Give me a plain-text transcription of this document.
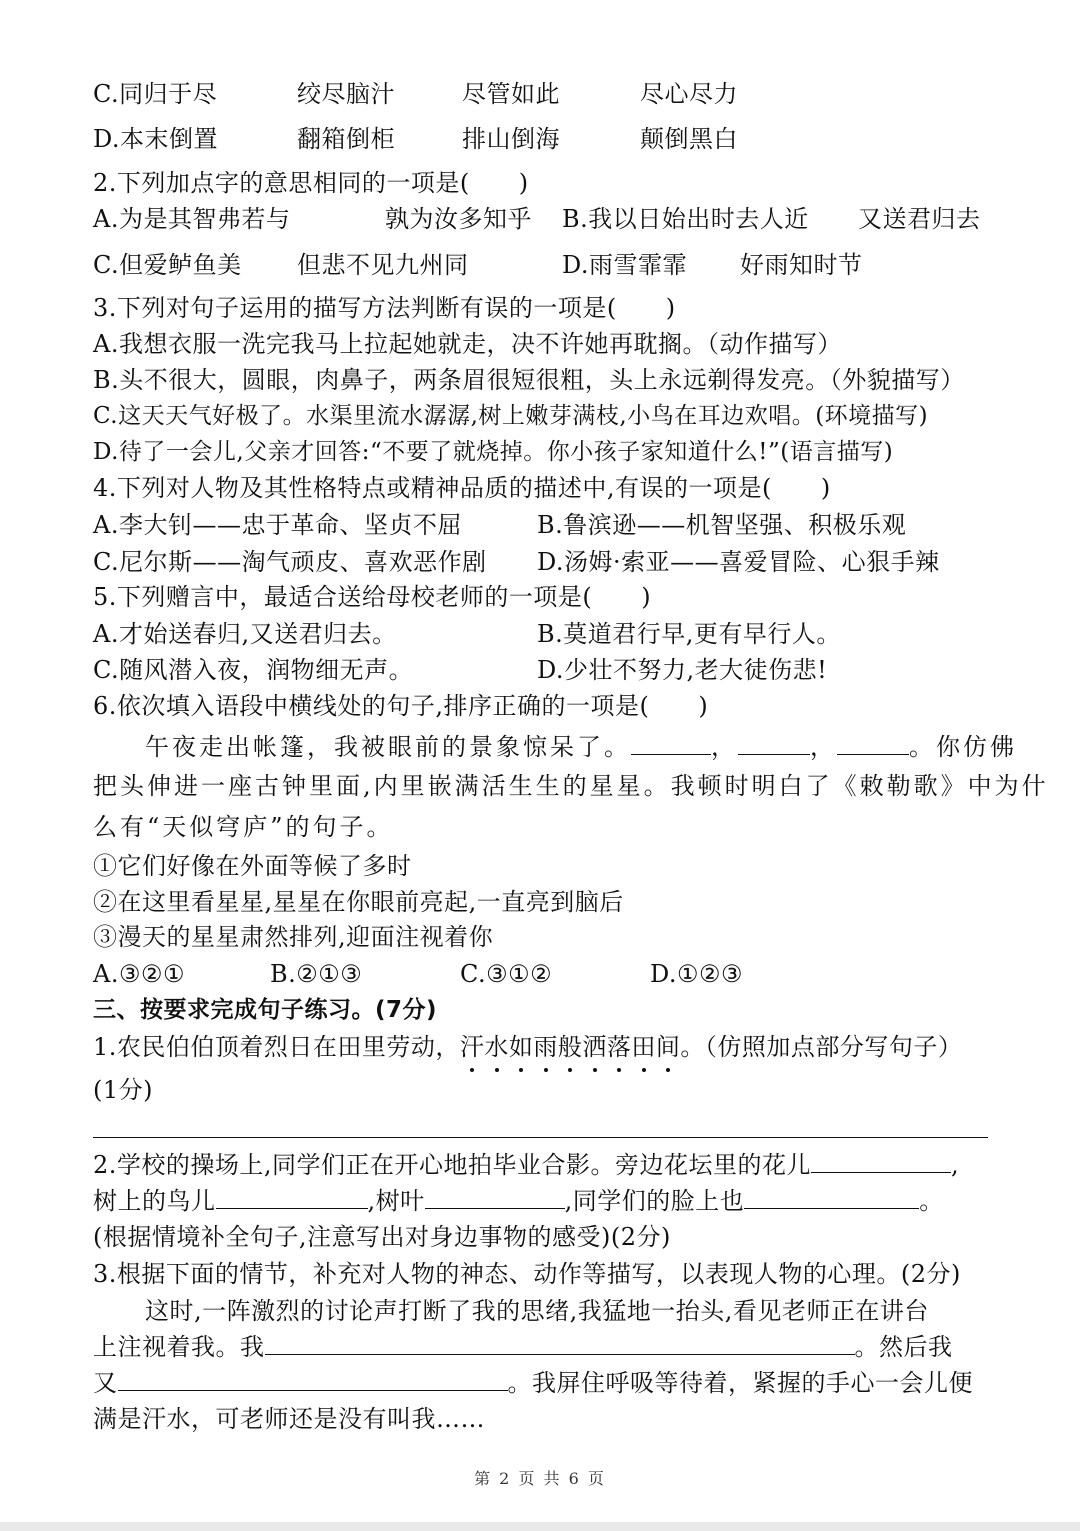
C.同归于尽	绞尽脑汁	尽管如此	尽心尽力
D.本末倒置	翻箱倒柜	排山倒海	颠倒黑白
2.下列加点字的意思相同的一项是(　　)
A.为是其智弗若与	孰为汝多知乎 B.我以日始出时去人近 又送君归去
C.但爱鲈鱼美 但悲不见九州同	D.雨雪霏霏 好雨知时节
3.下列对句子运用的描写方法判断有误的一项是(　　)
A.我想衣服一洗完我马上拉起她就走，决不许她再耽搁。（动作描写）
B.头不很大，圆眼，肉鼻子，两条眉很短很粗，头上永远剃得发亮。（外貌描写）
C.这天天气好极了。水渠里流水潺潺,树上嫩芽满枝,小鸟在耳边欢唱。(环境描写)
D.待了一会儿,父亲才回答:“不要了就烧掉。你小孩子家知道什么!”(语言描写)
4.下列对人物及其性格特点或精神品质的描述中,有误的一项是(　　)
A.李大钊——忠于革命、坚贞不屈	B.鲁滨逊——机智坚强、积极乐观
C.尼尔斯——淘气顽皮、喜欢恶作剧 D.汤姆·索亚——喜爱冒险、心狠手辣
5.下列赠言中，最适合送给母校老师的一项是(　　)
A.才始送春归,又送君归去。	B.莫道君行早,更有早行人。
C.随风潜入夜，润物细无声。	D.少壮不努力,老大徒伤悲!
6.依次填入语段中横线处的句子,排序正确的一项是(　　)
午夜走出帐篷，我被眼前的景象惊呆了。	，	，	。你仿佛
把头伸进一座古钟里面,内里嵌满活生生的星星。我顿时明白了《敕勒歌》中为什
么有“天似穹庐”的句子。
①它们好像在外面等候了多时
②在这里看星星,星星在你眼前亮起,一直亮到脑后
③漫天的星星肃然排列,迎面注视着你
A.③②①	B.②①③	C.③①②	D.①②③
三、按要求完成句子练习。(7分)
1.农民伯伯顶着烈日在田里劳动，汗水如雨般洒落田间。（仿照加点部分写句子）
(1分)
2.学校的操场上,同学们正在开心地拍毕业合影。旁边花坛里的花儿	,
树上的鸟儿	,树叶	,同学们的脸上也	。
(根据情境补全句子,注意写出对身边事物的感受)(2分)
3.根据下面的情节，补充对人物的神态、动作等描写，以表现人物的心理。(2分)
这时,一阵激烈的讨论声打断了我的思绪,我猛地一抬头,看见老师正在讲台
上注视着我。我	。然后我
又	。我屏住呼吸等待着，紧握的手心一会儿便
满是汗水，可老师还是没有叫我……
第 2 页 共 6 页
